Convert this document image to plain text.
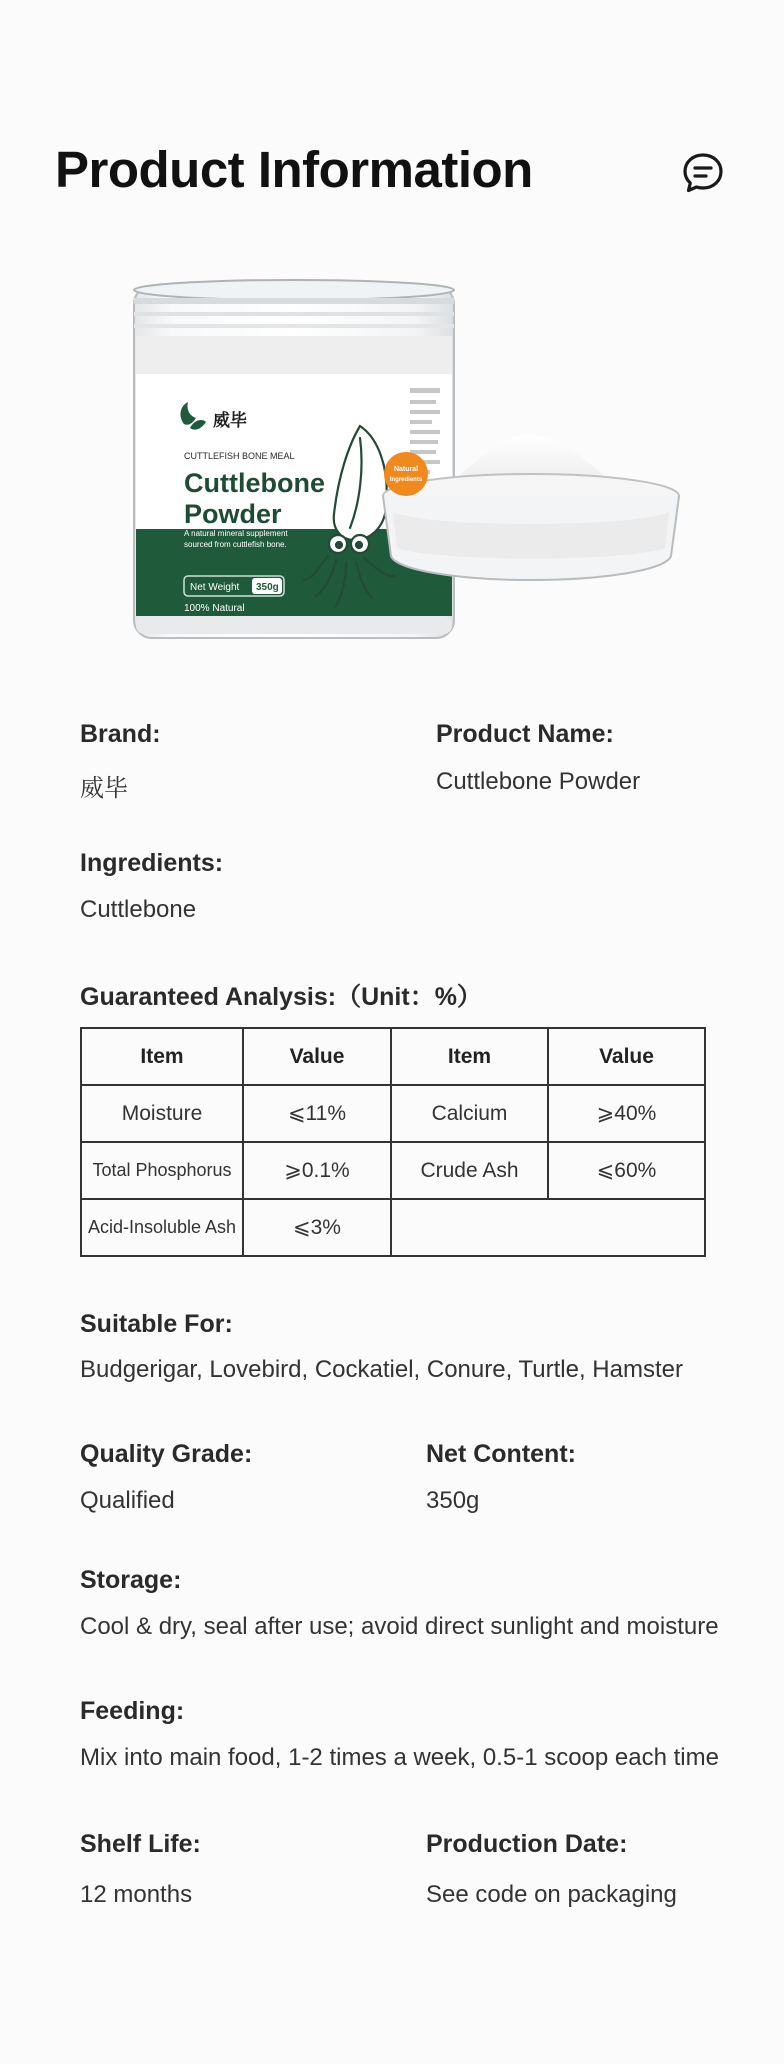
Product Information
威毕
CUTTLEFISH BONE MEAL
Cuttlebone
Powder
A natural mineral supplement
sourced from cuttlefish bone.
Net Weight 350g
100% Natural
Natural
Ingredients
Brand:
威毕
Product Name:
Cuttlebone Powder
Ingredients:
Cuttlebone
Guaranteed Analysis:（Unit：%）
Item	Value	Item	Value
Moisture	⩽11%	Calcium	⩾40%
Total Phosphorus	⩾0.1%	Crude Ash	⩽60%
Acid-Insoluble Ash	⩽3%		
Suitable For:
Budgerigar, Lovebird, Cockatiel, Conure, Turtle, Hamster
Quality Grade:
Qualified
Net Content:
350g
Storage:
Cool & dry, seal after use; avoid direct sunlight and moisture
Feeding:
Mix into main food, 1-2 times a week, 0.5-1 scoop each time
Shelf Life:
12 months
Production Date:
See code on packaging
